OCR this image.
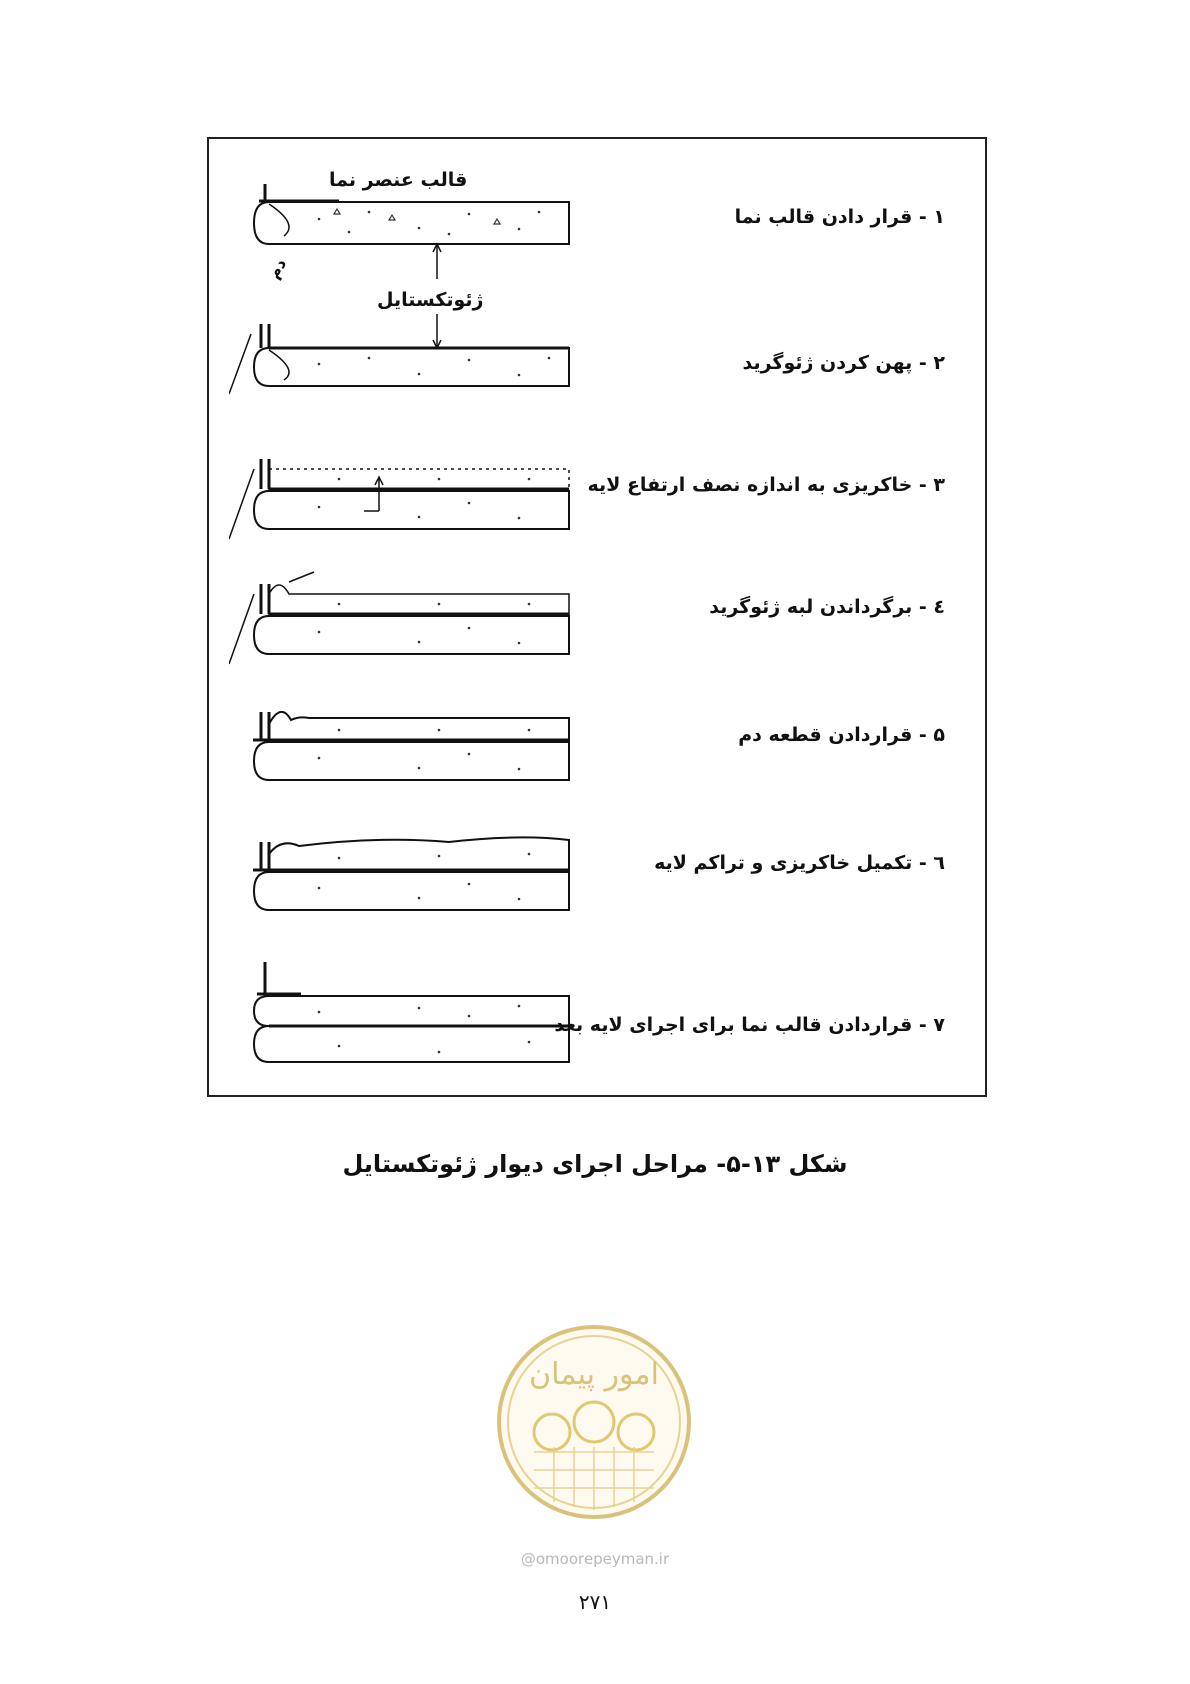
قالب عنصر نما
دم
ژئوتکستایل
۱ - قرار دادن قالب نما
۲ - پهن کردن ژئوگرید
۳ - خاکریزی به اندازه نصف ارتفاع لایه
٤ - برگرداندن لبه ژئوگرید
۵ - قراردادن قطعه دم
٦ - تکمیل خاکریزی و تراکم لایه
۷ - قراردادن قالب نما برای اجرای لایه بعد
شکل ۱۳-۵- مراحل اجرای دیوار ژئوتکستایل
امور پیمان
@omoorepeyman.ir
۲۷۱
